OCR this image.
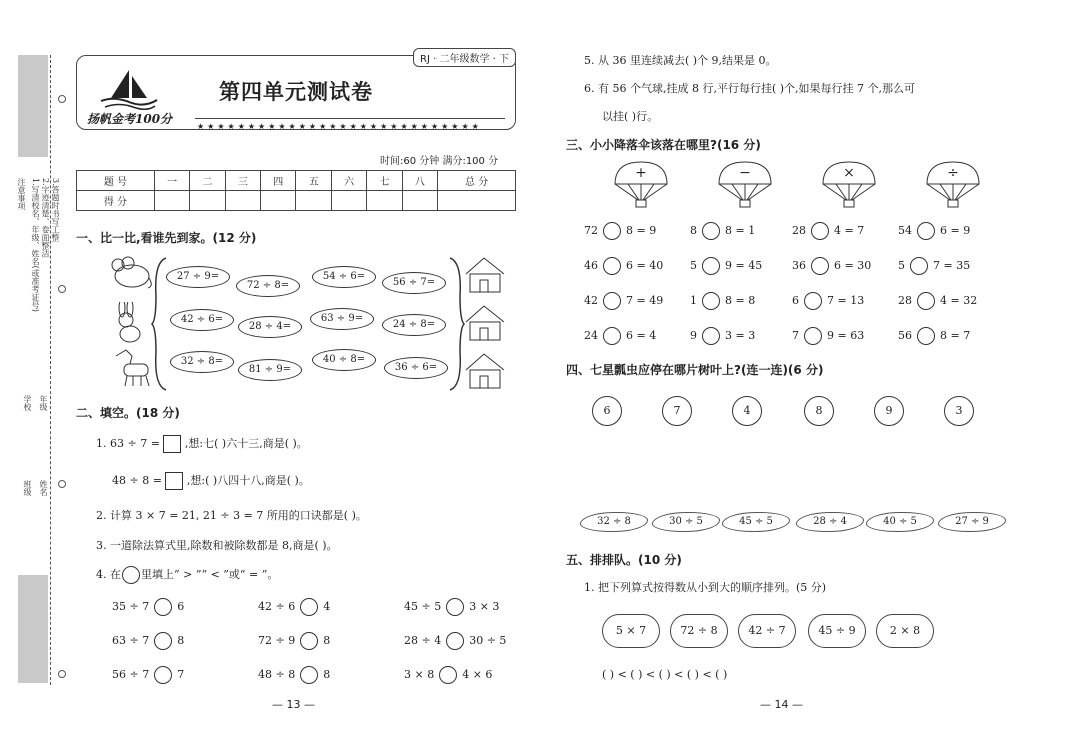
注意事项 1.写清校名、年级、姓名(或准考证号) 2.字迹清楚、卷面整洁 3.答题时书写工整
学校
班级
年级
姓名
RJ · 二年级数学 · 下
扬帆金考100分
第四单元测试卷
★★★★★★★★★★★★★★★★★★★★★★★★★★★★
时间:60 分钟 满分:100 分
题 号	一	二	三	四	五	六	七	八	总 分
得 分									
一、比一比,看谁先到家。(12 分)
27 ÷ 9=
72 ÷ 8=
54 ÷ 6=
56 ÷ 7=
42 ÷ 6=
28 ÷ 4=
63 ÷ 9=
24 ÷ 8=
32 ÷ 8=
81 ÷ 9=
40 ÷ 8=
36 ÷ 6=
二、填空。(18 分)
1. 63 ÷ 7 = ,想:七( )六十三,商是( )。
48 ÷ 8 = ,想:( )八四十八,商是( )。
2. 计算 3 × 7 = 21, 21 ÷ 3 = 7 所用的口诀都是( )。
3. 一道除法算式里,除数和被除数都是 8,商是( )。
4. 在 里填上“ > ”“ < ”或“ = ”。
35 ÷ 7	6	42 ÷ 6	4	45 ÷ 5	3 × 3
63 ÷ 7	8	72 ÷ 9	8	28 ÷ 4	30 ÷ 5
56 ÷ 7	7	48 ÷ 8	8	3 × 8	4 × 6
— 13 —
5. 从 36 里连续减去( )个 9,结果是 0。
6. 有 56 个气球,挂成 8 行,平行每行挂( )个,如果每行挂 7 个,那么可
以挂( )行。
三、小小降落伞该落在哪里?(16 分)
+	−	×	÷
72	8 = 9	8	8 = 1	28	4 = 7	54	6 = 9
46	6 = 40 5	9 = 45	36	6 = 30 5	7 = 35
42	7 = 49 1	8 = 8	6	7 = 13	28	4 = 32
24	6 = 4	9	3 = 3	7	9 = 63	56	8 = 7
四、七星瓢虫应停在哪片树叶上?(连一连)(6 分)
6	7	4	8	9	3
32 ÷ 8	30 ÷ 5	45 ÷ 5	28 ÷ 4	40 ÷ 5	27 ÷ 9
五、排排队。(10 分)
1. 把下列算式按得数从小到大的顺序排列。(5 分)
5 × 7	72 ÷ 8	42 ÷ 7	45 ÷ 9	2 × 8
( ) < ( ) < ( ) < ( ) < ( )
— 14 —
